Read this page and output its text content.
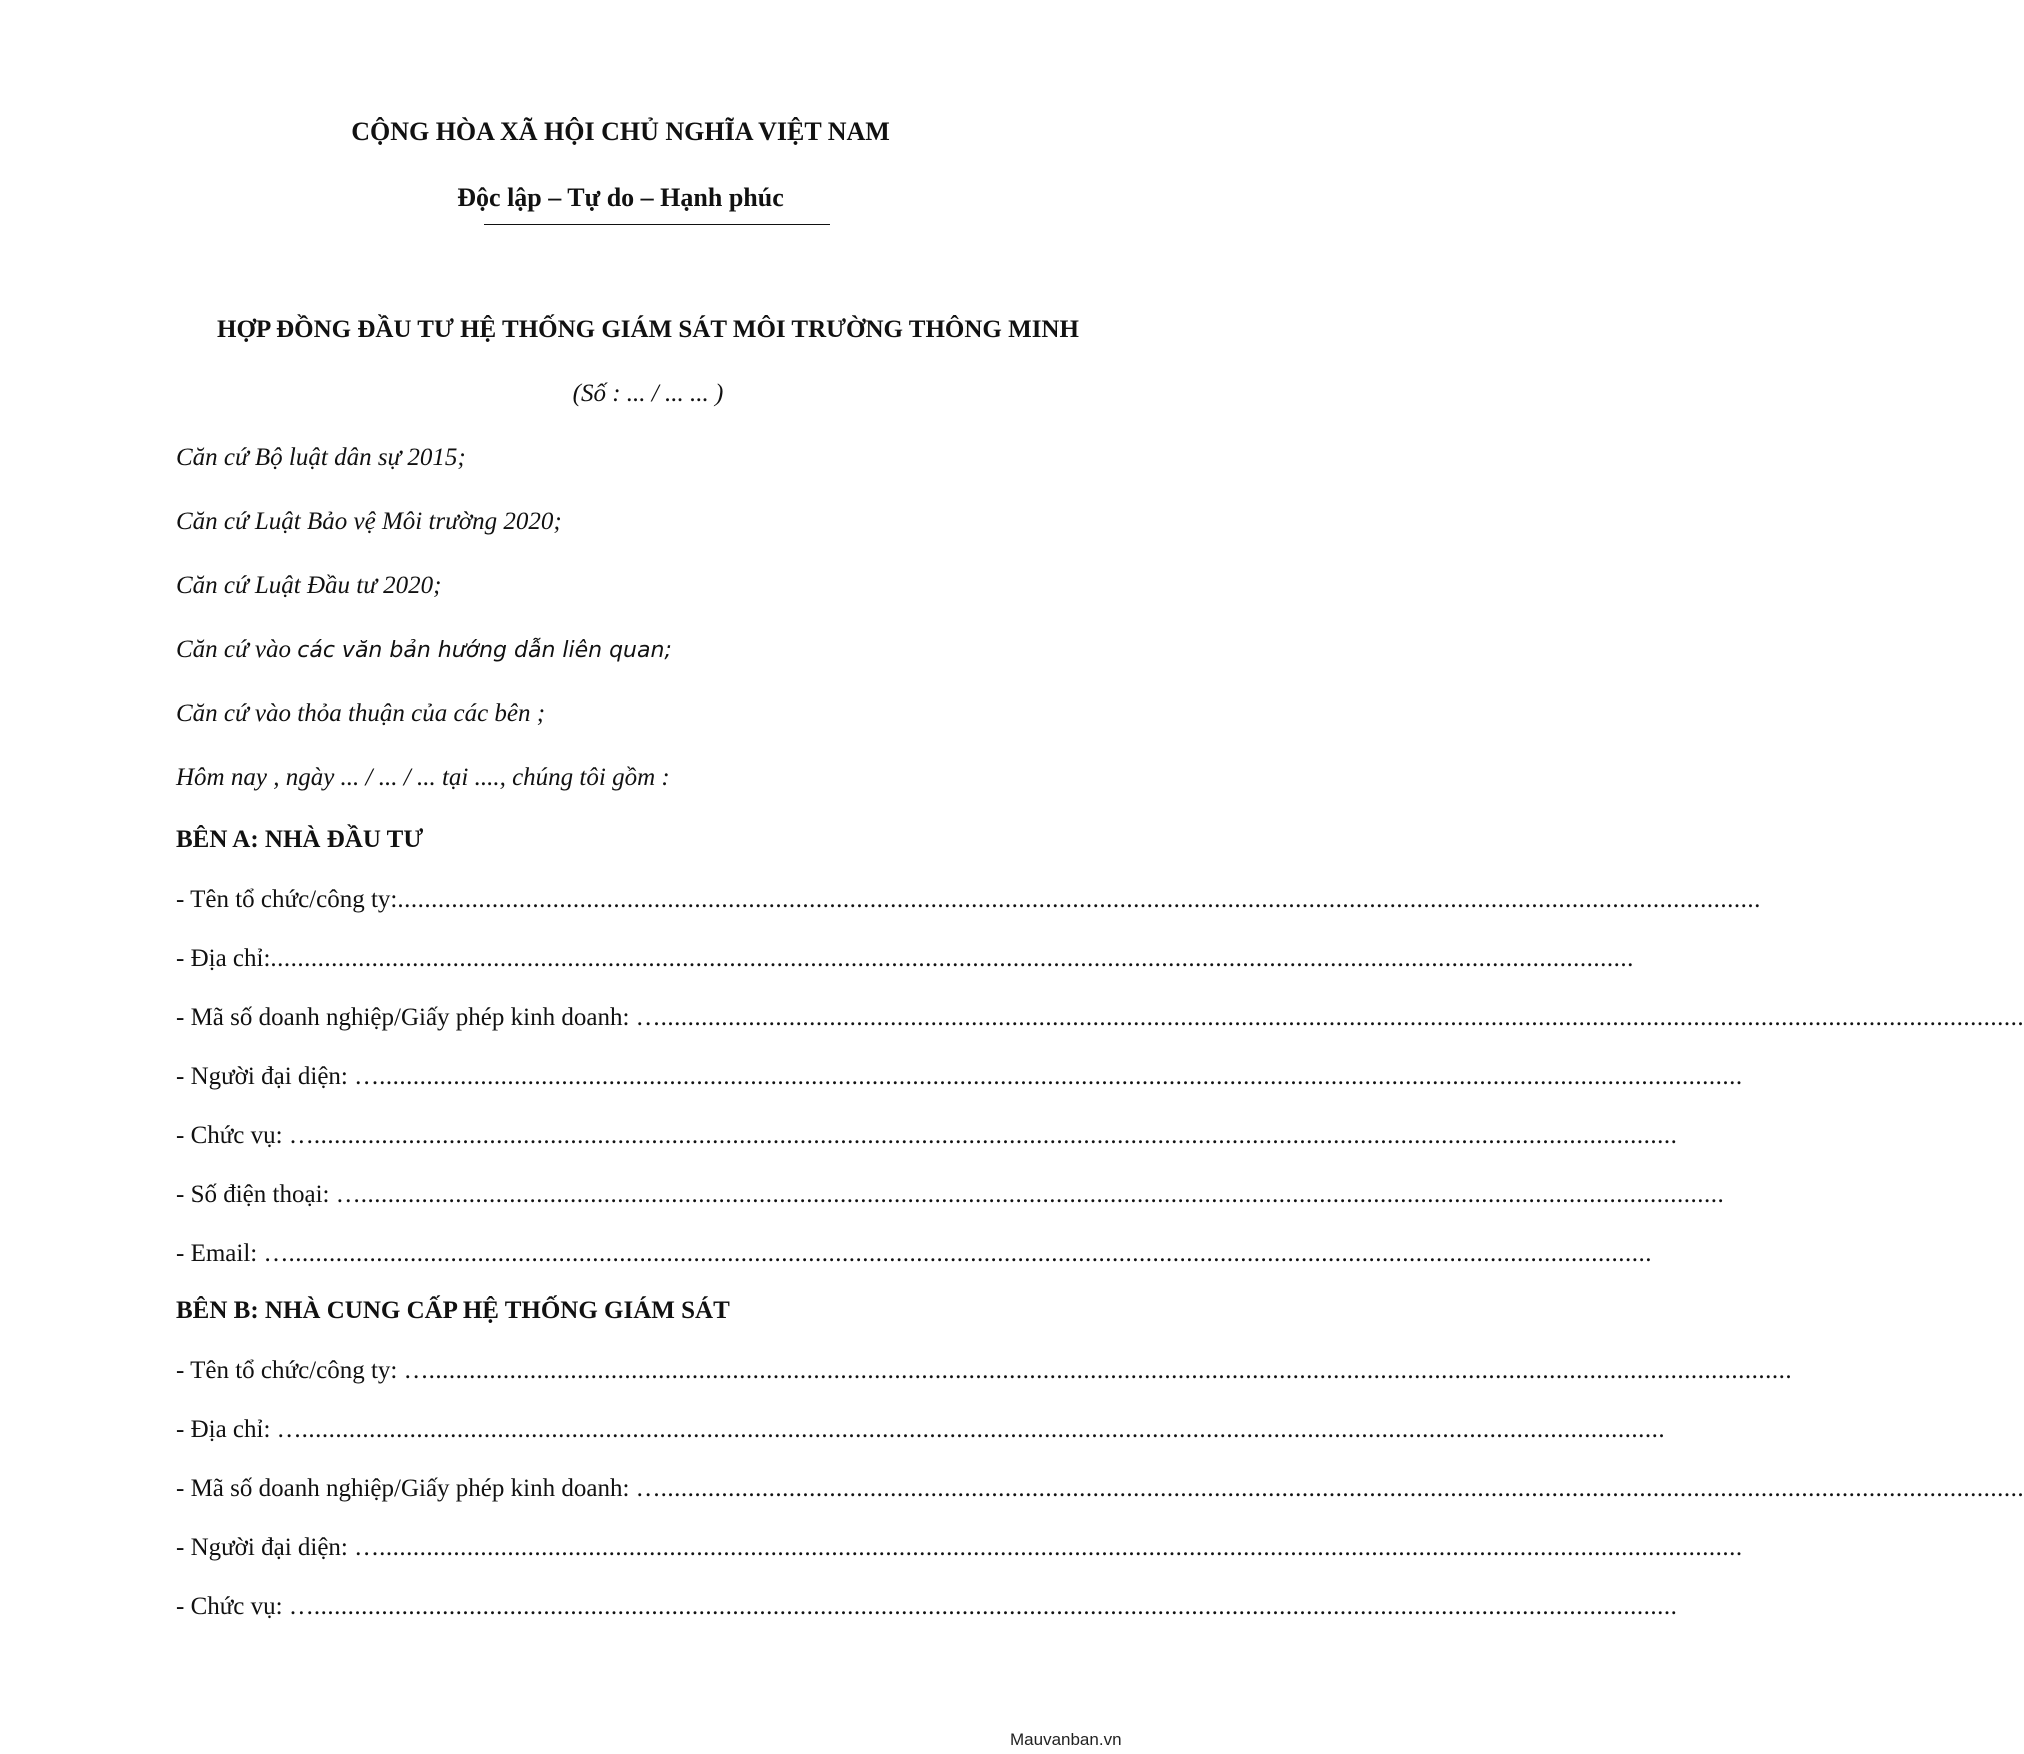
CỘNG HÒA XÃ HỘI CHỦ NGHĨA VIỆT NAM
Độc lập – Tự do – Hạnh phúc
HỢP ĐỒNG ĐẦU TƯ HỆ THỐNG GIÁM SÁT MÔI TRƯỜNG THÔNG MINH
(Số : ... / ... ... )
Căn cứ Bộ luật dân sự 2015;
Căn cứ Luật Bảo vệ Môi trường 2020;
Căn cứ Luật Đầu tư 2020;
Căn cứ vào các văn bản hướng dẫn liên quan;
Căn cứ vào thỏa thuận của các bên ;
Hôm nay , ngày ... / ... / ... tại ...., chúng tôi gồm :
BÊN A: NHÀ ĐẦU TƯ
- Tên tổ chức/công ty: ..........................................................................................................................................................................................................
- Địa chỉ: ..........................................................................................................................................................................................................
- Mã số doanh nghiệp/Giấy phép kinh doanh: … ..........................................................................................................................................................................................................
- Người đại diện: … ..........................................................................................................................................................................................................
- Chức vụ: … ..........................................................................................................................................................................................................
- Số điện thoại: … ..........................................................................................................................................................................................................
- Email: … ..........................................................................................................................................................................................................
BÊN B: NHÀ CUNG CẤP HỆ THỐNG GIÁM SÁT
- Tên tổ chức/công ty: … ..........................................................................................................................................................................................................
- Địa chỉ: … ..........................................................................................................................................................................................................
- Mã số doanh nghiệp/Giấy phép kinh doanh: … ..........................................................................................................................................................................................................
- Người đại diện: … ..........................................................................................................................................................................................................
- Chức vụ: … ..........................................................................................................................................................................................................
Mauvanban.vn
